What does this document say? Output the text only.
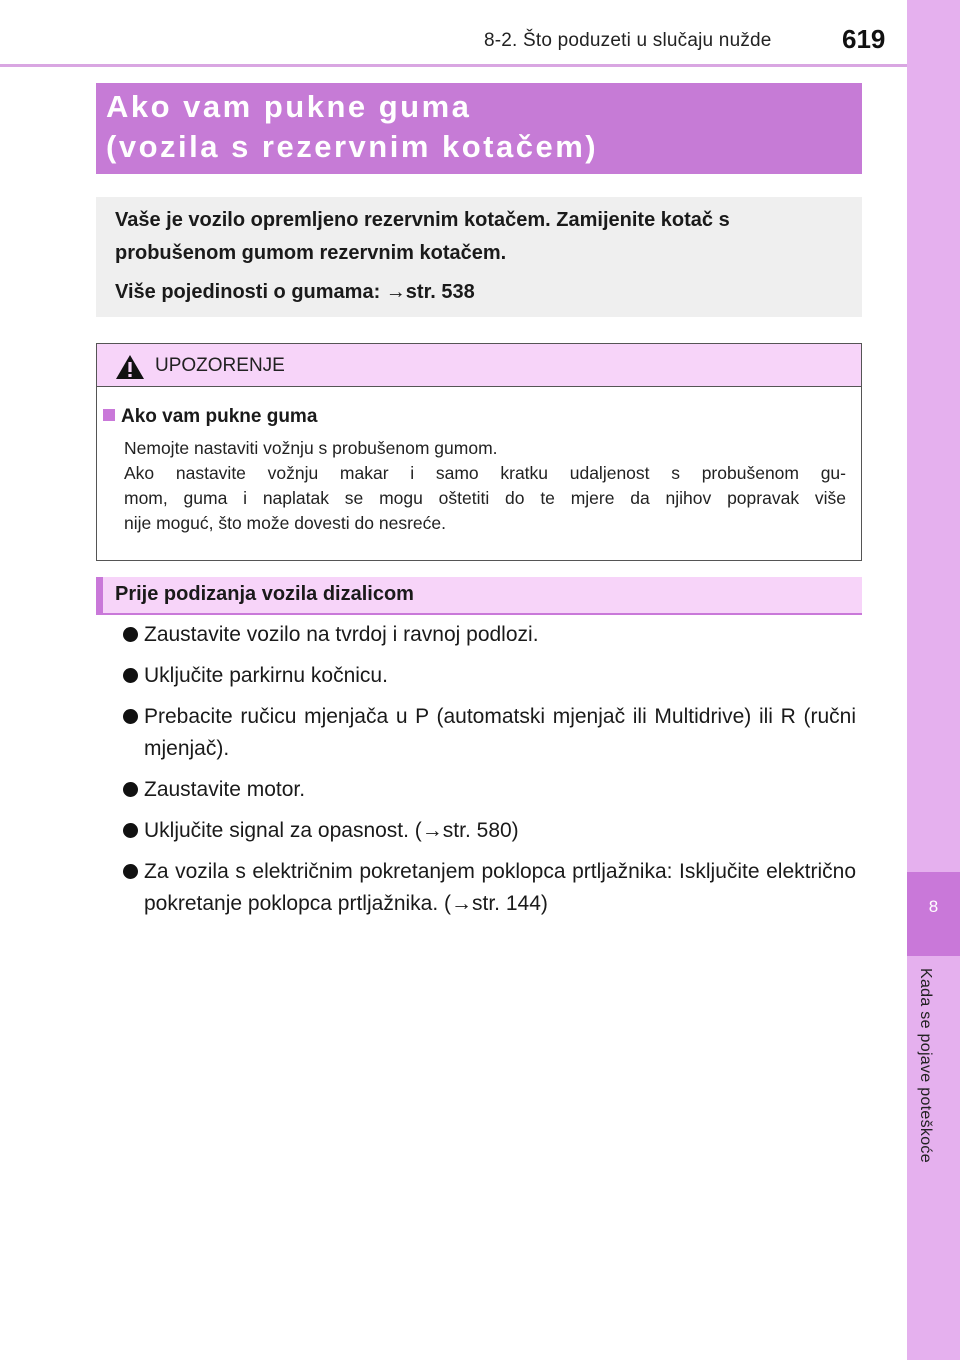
8-2. Što poduzeti u slučaju nužde	619
8
Kada se pojave poteškoće
Ako vam pukne guma
(vozila s rezervnim kotačem)
Vaše je vozilo opremljeno rezervnim kotačem. Zamijenite kotač s
probušenom gumom rezervnim kotačem.
Više pojedinosti o gumama: →str. 538
UPOZORENJE
Ako vam pukne guma
Nemojte nastaviti vožnju s probušenom gumom.
Ako nastavite vožnju makar i samo kratku udaljenost s probušenom gu-
mom, guma i naplatak se mogu oštetiti do te mjere da njihov popravak više
nije moguć, što može dovesti do nesreće.
Prije podizanja vozila dizalicom
Zaustavite vozilo na tvrdoj i ravnoj podlozi.
Uključite parkirnu kočnicu.
Prebacite ručicu mjenjača u P (automatski mjenjač ili Multidrive) ili R (ručni mjenjač).
Zaustavite motor.
Uključite signal za opasnost. (→str. 580)
Za vozila s električnim pokretanjem poklopca prtljažnika: Isključite električno pokretanje poklopca prtljažnika. (→str. 144)
